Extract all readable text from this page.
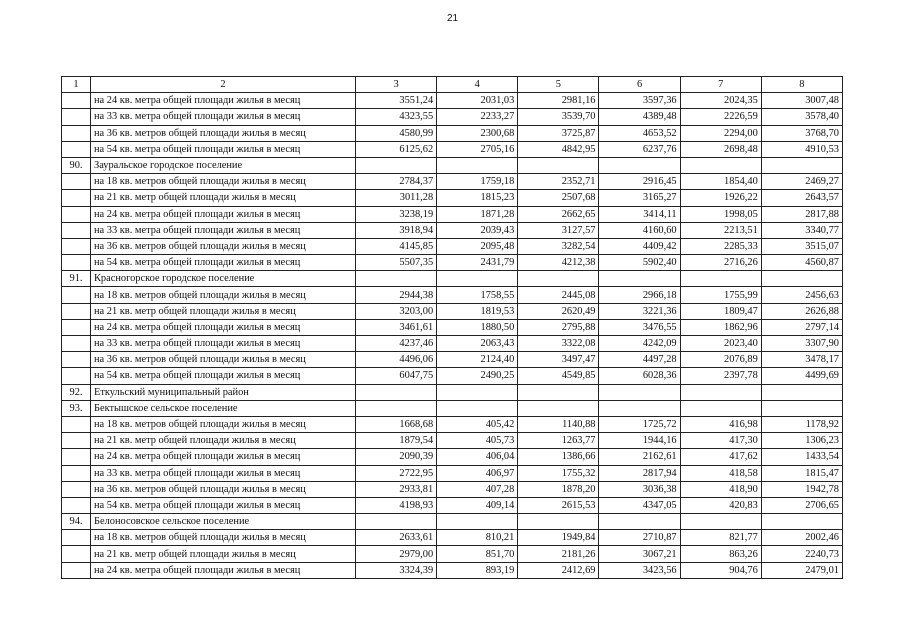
21
1	2	3	4	5	6	7	8
	на 24 кв. метра общей площади жилья в месяц	3551,24	2031,03	2981,16	3597,36	2024,35	3007,48
	на 33 кв. метра общей площади жилья в месяц	4323,55	2233,27	3539,70	4389,48	2226,59	3578,40
	на 36 кв. метров общей площади жилья в месяц	4580,99	2300,68	3725,87	4653,52	2294,00	3768,70
	на 54 кв. метра общей площади жилья в месяц	6125,62	2705,16	4842,95	6237,76	2698,48	4910,53
90.	Зауральское городское поселение						
	на 18 кв. метров общей площади жилья в месяц	2784,37	1759,18	2352,71	2916,45	1854,40	2469,27
	на 21 кв. метр общей площади жилья в месяц	3011,28	1815,23	2507,68	3165,27	1926,22	2643,57
	на 24 кв. метра общей площади жилья в месяц	3238,19	1871,28	2662,65	3414,11	1998,05	2817,88
	на 33 кв. метра общей площади жилья в месяц	3918,94	2039,43	3127,57	4160,60	2213,51	3340,77
	на 36 кв. метров общей площади жилья в месяц	4145,85	2095,48	3282,54	4409,42	2285,33	3515,07
	на 54 кв. метра общей площади жилья в месяц	5507,35	2431,79	4212,38	5902,40	2716,26	4560,87
91.	Красногорское городское поселение						
	на 18 кв. метров общей площади жилья в месяц	2944,38	1758,55	2445,08	2966,18	1755,99	2456,63
	на 21 кв. метр общей площади жилья в месяц	3203,00	1819,53	2620,49	3221,36	1809,47	2626,88
	на 24 кв. метра общей площади жилья в месяц	3461,61	1880,50	2795,88	3476,55	1862,96	2797,14
	на 33 кв. метра общей площади жилья в месяц	4237,46	2063,43	3322,08	4242,09	2023,40	3307,90
	на 36 кв. метров общей площади жилья в месяц	4496,06	2124,40	3497,47	4497,28	2076,89	3478,17
	на 54 кв. метра общей площади жилья в месяц	6047,75	2490,25	4549,85	6028,36	2397,78	4499,69
92.	Еткульский муниципальный район						
93.	Бектышское сельское поселение						
	на 18 кв. метров общей площади жилья в месяц	1668,68	405,42	1140,88	1725,72	416,98	1178,92
	на 21 кв. метр общей площади жилья в месяц	1879,54	405,73	1263,77	1944,16	417,30	1306,23
	на 24 кв. метра общей площади жилья в месяц	2090,39	406,04	1386,66	2162,61	417,62	1433,54
	на 33 кв. метра общей площади жилья в месяц	2722,95	406,97	1755,32	2817,94	418,58	1815,47
	на 36 кв. метров общей площади жилья в месяц	2933,81	407,28	1878,20	3036,38	418,90	1942,78
	на 54 кв. метра общей площади жилья в месяц	4198,93	409,14	2615,53	4347,05	420,83	2706,65
94.	Белоносовское сельское поселение						
	на 18 кв. метров общей площади жилья в месяц	2633,61	810,21	1949,84	2710,87	821,77	2002,46
	на 21 кв. метр общей площади жилья в месяц	2979,00	851,70	2181,26	3067,21	863,26	2240,73
	на 24 кв. метра общей площади жилья в месяц	3324,39	893,19	2412,69	3423,56	904,76	2479,01
